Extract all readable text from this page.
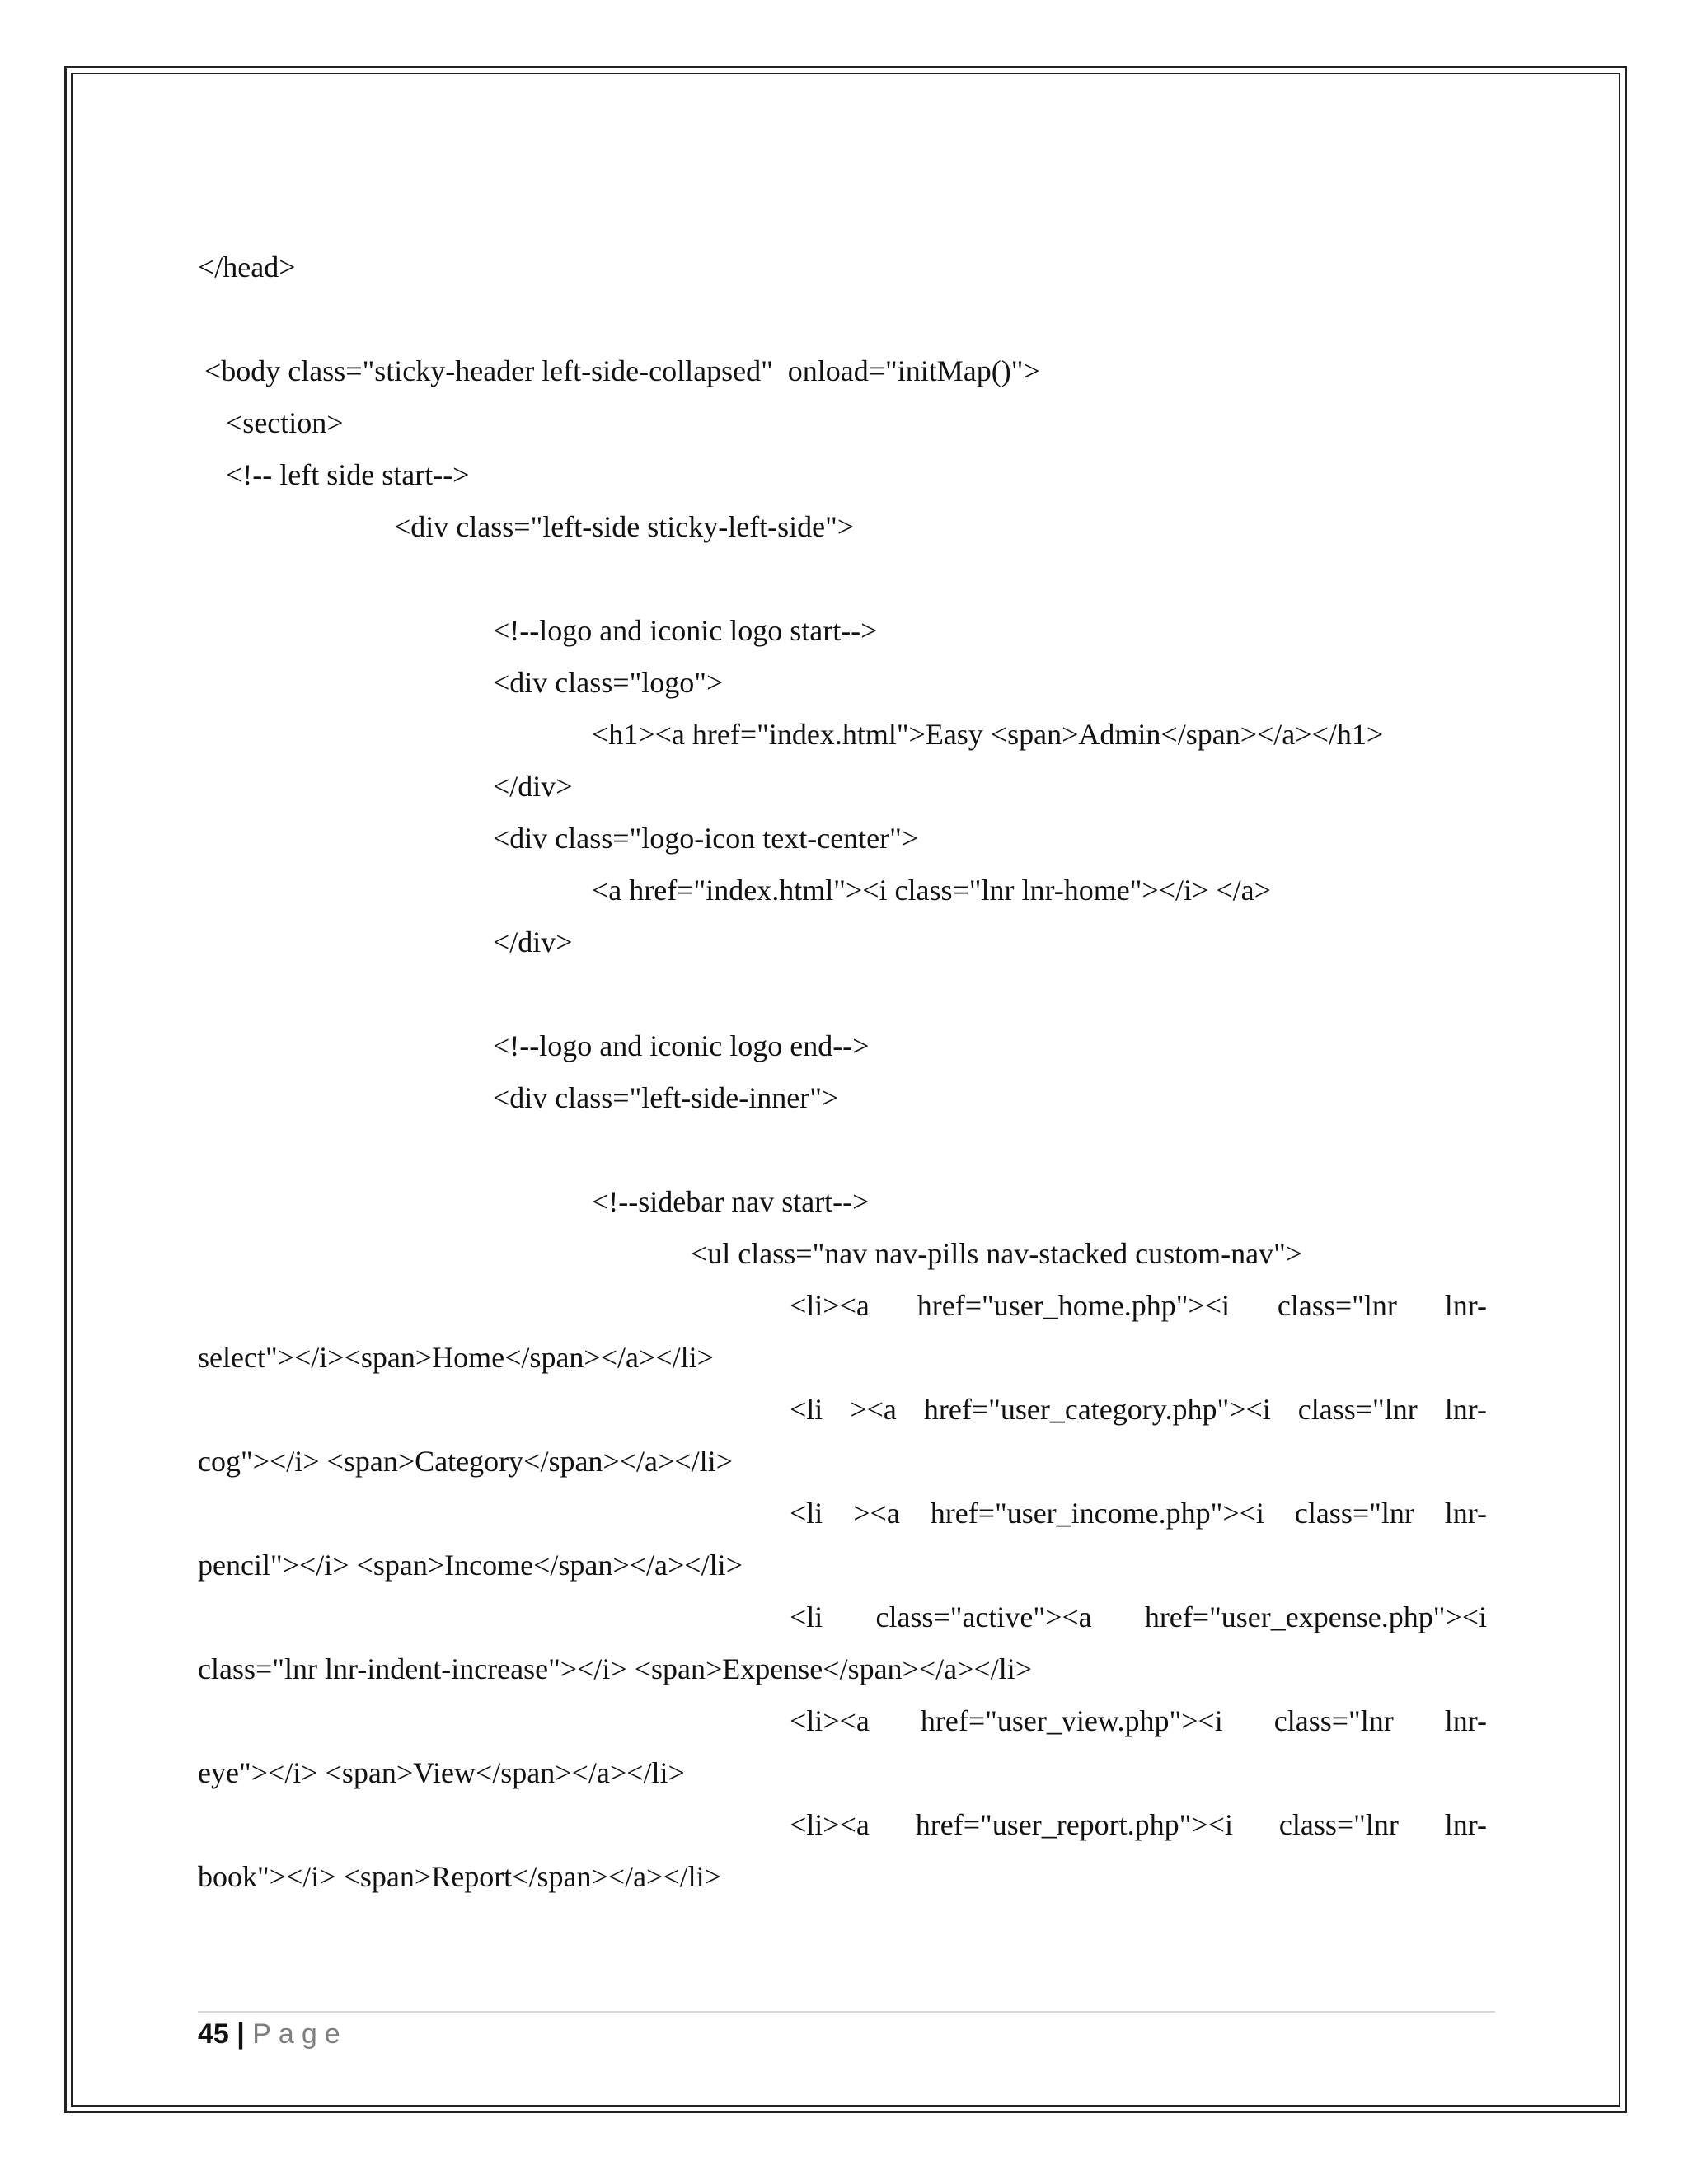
</head>

<body class="sticky-header left-side-collapsed"  onload="initMap()">

<section>

<!-- left side start-->

<div class="left-side sticky-left-side">

<!--logo and iconic logo start-->

<div class="logo">

<h1><a href="index.html">Easy <span>Admin</span></a></h1>

</div>

<div class="logo-icon text-center">

<a href="index.html"><i class="lnr lnr-home"></i> </a>

</div>

<!--logo and iconic logo end-->

<div class="left-side-inner">

<!--sidebar nav start-->

<ul class="nav nav-pills nav-stacked custom-nav">

<li><a href="user_home.php"><i class="lnr lnr-

select"></i><span>Home</span></a></li>

<li ><a href="user_category.php"><i class="lnr lnr-

cog"></i> <span>Category</span></a></li>

<li ><a href="user_income.php"><i class="lnr lnr-

pencil"></i> <span>Income</span></a></li>

<li class="active"><a href="user_expense.php"><i

class="lnr lnr-indent-increase"></i> <span>Expense</span></a></li>

<li><a href="user_view.php"><i class="lnr lnr-

eye"></i> <span>View</span></a></li>

<li><a href="user_report.php"><i class="lnr lnr-

book"></i> <span>Report</span></a></li>

45 | Page
